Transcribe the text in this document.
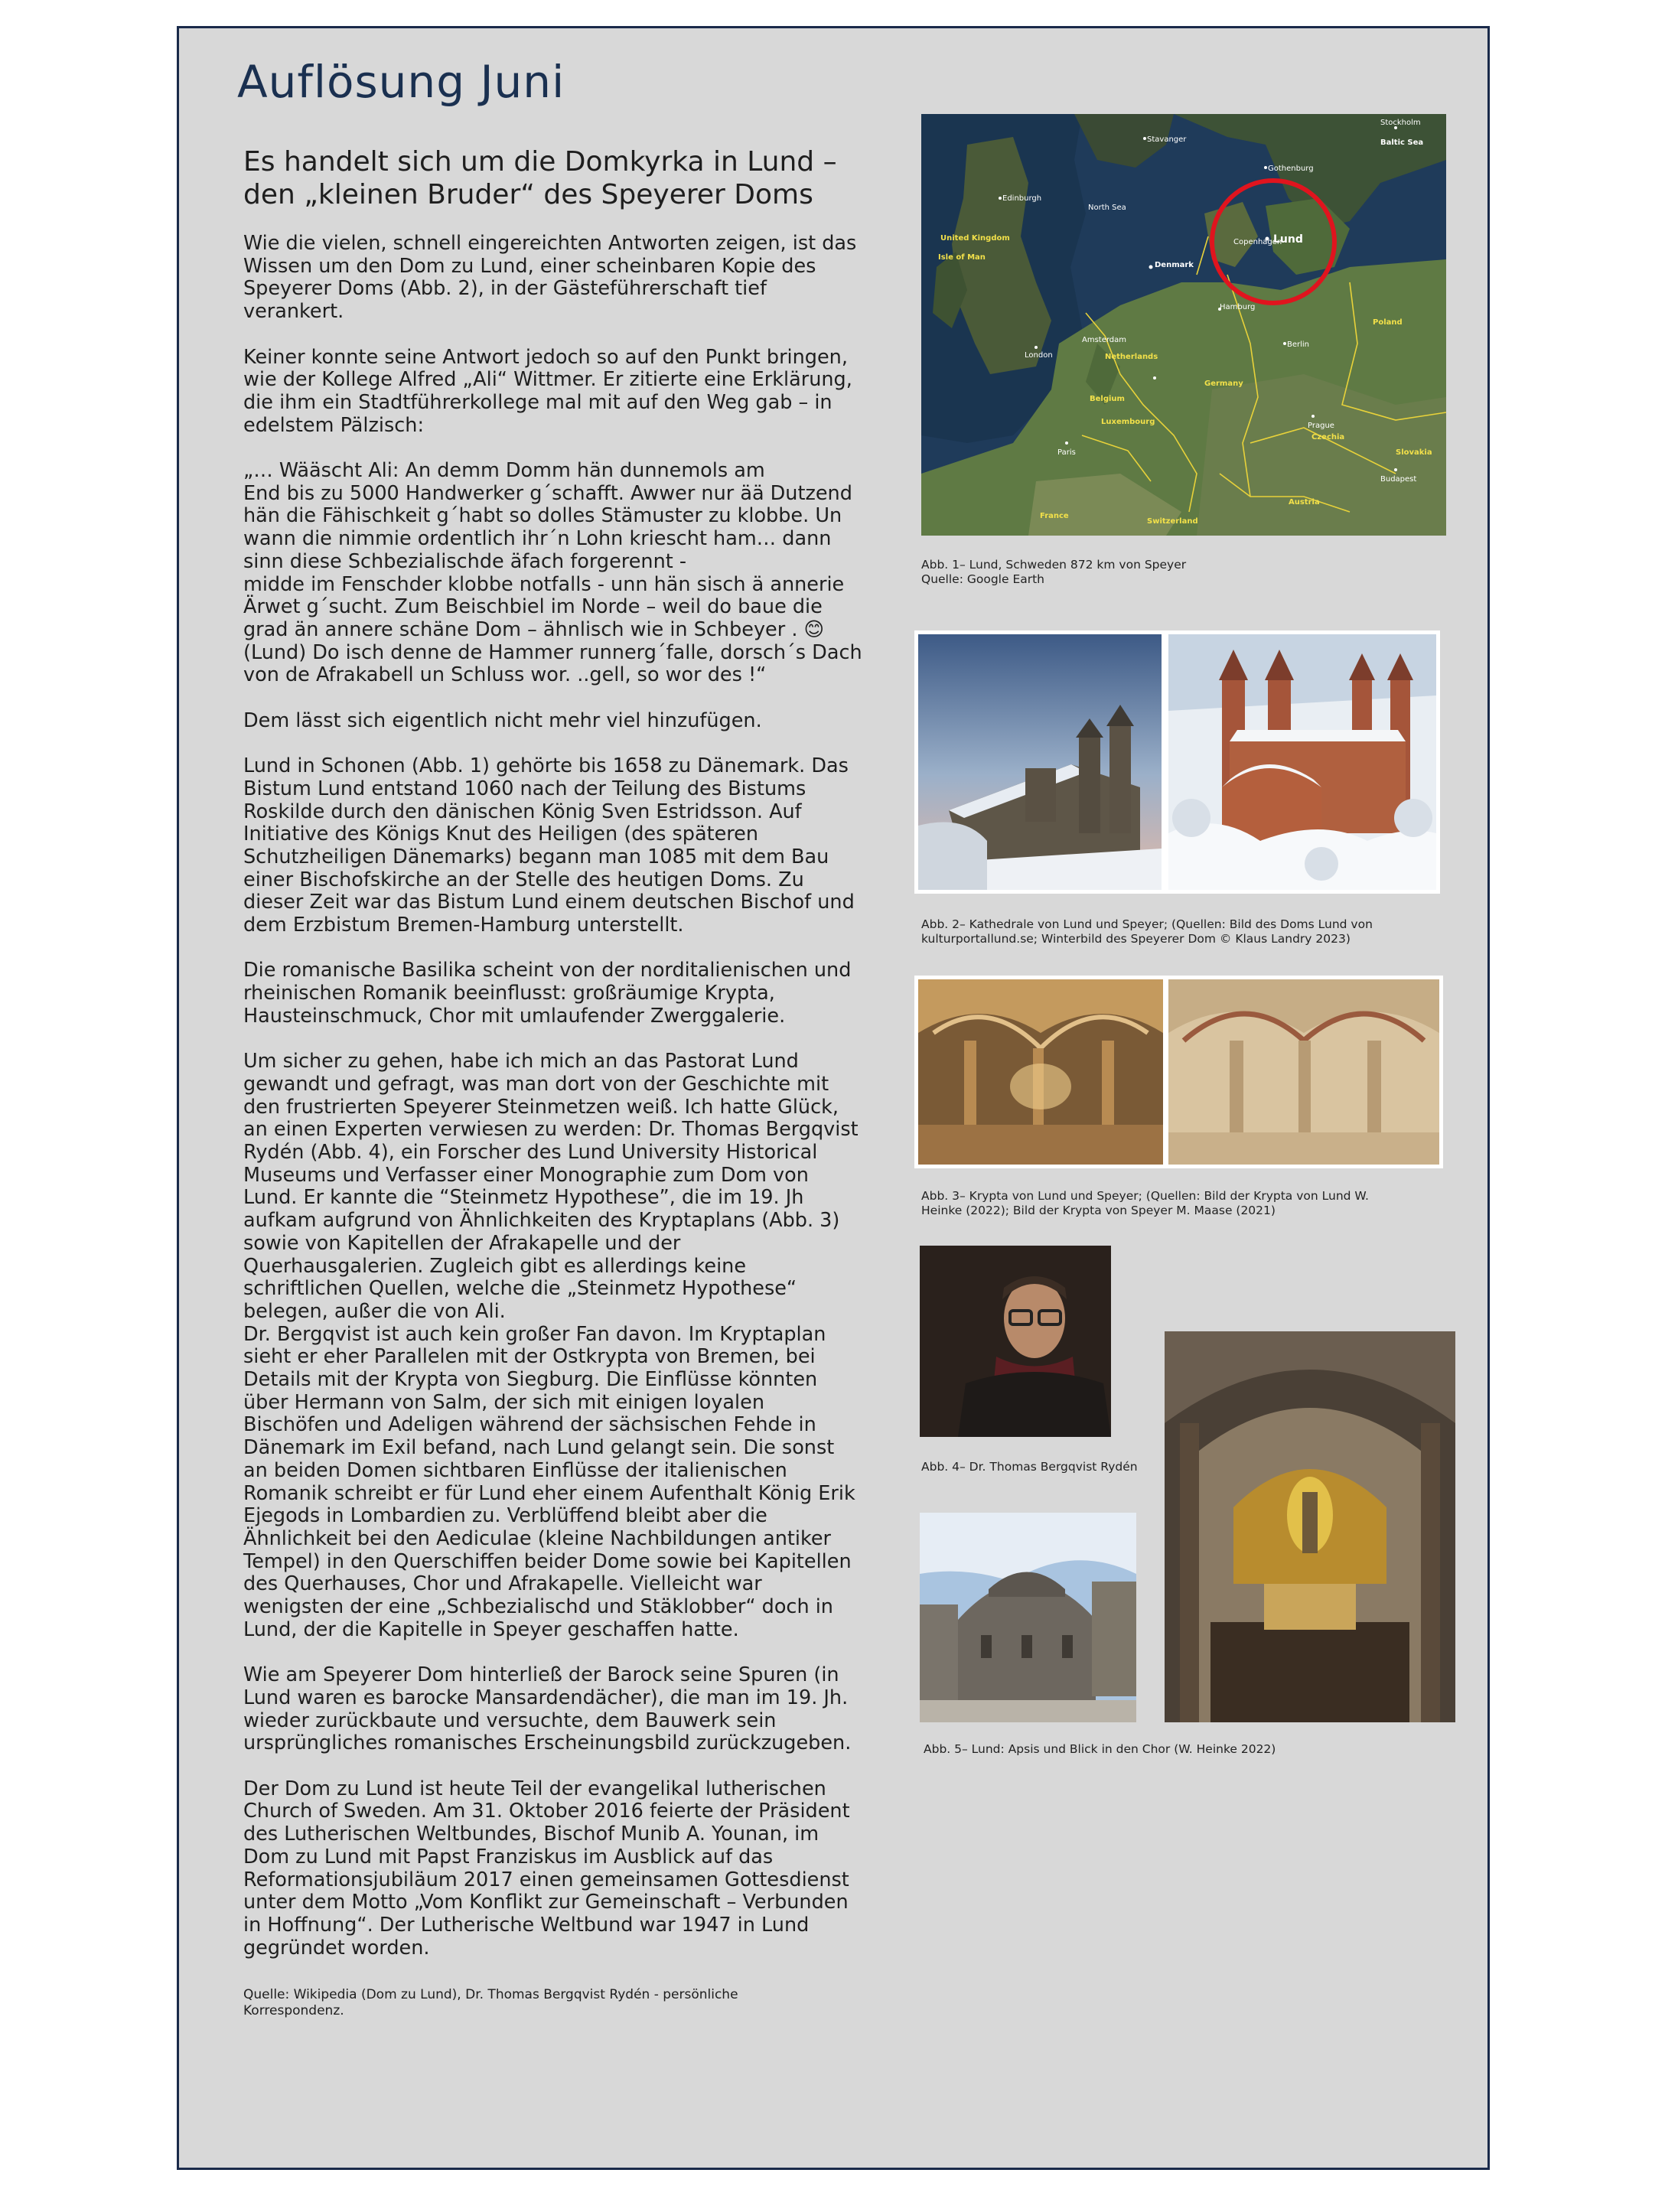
Auflösung Juni
Es handelt sich um die Domkyrka in Lund – den „kleinen Bruder“ des Speyerer Doms

Wie die vielen, schnell eingereichten Antworten zeigen, ist das Wissen um den Dom zu Lund, einer scheinbaren Kopie des Speyerer Doms (Abb. 2), in der Gästeführerschaft tief verankert.

Keiner konnte seine Antwort jedoch so auf den Punkt bringen, wie der Kollege Alfred „Ali“ Wittmer. Er zitierte eine Erklärung, die ihm ein Stadtführerkollege mal mit auf den Weg gab – in edelstem Pälzisch:

„… Wääscht Ali: An demm Domm hän dunnemols am
End bis zu 5000 Handwerker g´schafft. Awwer nur ää Dutzend hän die Fähischkeit g´habt so dolles Stämuster zu klobbe. Un wann die nimmie ordentlich ihr´n Lohn kriescht ham… dann sinn diese Schbezialischde äfach forgerennt -
midde im Fenschder klobbe notfalls - unn hän sisch ä annerie Ärwet g´sucht. Zum Beischbiel im Norde – weil do baue die grad än annere schäne Dom – ähnlisch wie in Schbeyer . 😊 (Lund) Do isch denne de Hammer runnerg´falle, dorsch´s Dach von de Afrakabell un Schluss wor. ..gell, so wor des !“

Dem lässt sich eigentlich nicht mehr viel hinzufügen.

Lund in Schonen (Abb. 1) gehörte bis 1658 zu Dänemark. Das Bistum Lund entstand 1060 nach der Teilung des Bistums Roskilde durch den dänischen König Sven Estridsson. Auf Initiative des Königs Knut des Heiligen (des späteren Schutzheiligen Dänemarks) begann man 1085 mit dem Bau einer Bischofskirche an der Stelle des heutigen Doms. Zu dieser Zeit war das Bistum Lund einem deutschen Bischof und dem Erzbistum Bremen-Hamburg unterstellt.

Die romanische Basilika scheint von der norditalienischen und rheinischen Romanik beeinflusst: großräumige Krypta, Hausteinschmuck, Chor mit umlaufender Zwerggalerie.

Um sicher zu gehen, habe ich mich an das Pastorat Lund gewandt und gefragt, was man dort von der Geschichte mit den frustrierten Speyerer Steinmetzen weiß. Ich hatte Glück, an einen Experten verwiesen zu werden: Dr. Thomas Bergqvist Rydén (Abb. 4), ein Forscher des Lund University Historical Museums und Verfasser einer Monographie zum Dom von Lund. Er kannte die “Steinmetz Hypothese”, die im 19. Jh aufkam aufgrund von Ähnlichkeiten des Kryptaplans (Abb. 3) sowie von Kapitellen der Afrakapelle und der Querhausgalerien. Zugleich gibt es allerdings keine schriftlichen Quellen, welche die „Steinmetz Hypothese“ belegen, außer die von Ali.

Dr. Bergqvist ist auch kein großer Fan davon. Im Kryptaplan sieht er eher Parallelen mit der Ostkrypta von Bremen, bei Details mit der Krypta von Siegburg. Die Einflüsse könnten über Hermann von Salm, der sich mit einigen loyalen Bischöfen und Adeligen während der sächsischen Fehde in Dänemark im Exil befand, nach Lund gelangt sein. Die sonst an beiden Domen sichtbaren Einflüsse der italienischen Romanik schreibt er für Lund eher einem Aufenthalt König Erik Ejegods in Lombardien zu. Verblüffend bleibt aber die Ähnlichkeit bei den Aediculae (kleine Nachbildungen antiker Tempel) in den Querschiffen beider Dome sowie bei Kapitellen des Querhauses, Chor und Afrakapelle. Vielleicht war wenigsten der eine „Schbezialischd und Stäklobber“ doch in Lund, der die Kapitelle in Speyer geschaffen hatte.

Wie am Speyerer Dom hinterließ der Barock seine Spuren (in Lund waren es barocke Mansardendächer), die man im 19. Jh. wieder zurückbaute und versuchte, dem Bauwerk sein ursprüngliches romanisches Erscheinungsbild zurückzugeben.

Der Dom zu Lund ist heute Teil der evangelikal lutherischen Church of Sweden. Am 31. Oktober 2016 feierte der Präsident des Lutherischen Weltbundes, Bischof Munib A. Younan, im Dom zu Lund mit Papst Franziskus im Ausblick auf das Reformationsjubiläum 2017 einen gemeinsamen Gottesdienst unter dem Motto „Vom Konflikt zur Gemeinschaft – Verbunden in Hoffnung“. Der Lutherische Weltbund war 1947 in Lund gegründet worden.

Quelle: Wikipedia (Dom zu Lund), Dr. Thomas Bergqvist Rydén - persönliche
Korrespondenz.

Lund
Copenhagen
North Sea
Denmark
Edinburgh
Stavanger
Gothenburg
Stockholm
Hamburg
Berlin
Amsterdam
London
Paris
Prague
Budapest
United Kingdom
Isle of Man
Germany
Poland
Netherlands
Belgium
Luxembourg
France
Switzerland
Austria
Czechia
Slovakia
Baltic Sea
Abb. 1– Lund, Schweden 872 km von Speyer
Quelle: Google Earth
Abb. 2– Kathedrale von Lund und Speyer; (Quellen: Bild des Doms Lund von
kulturportallund.se; Winterbild des Speyerer Dom © Klaus Landry 2023)
Abb. 3– Krypta von Lund und Speyer; (Quellen: Bild der Krypta von Lund W.
Heinke (2022); Bild der Krypta von Speyer M. Maase (2021)
Abb. 4– Dr. Thomas Bergqvist Rydén
Abb. 5– Lund: Apsis und Blick in den Chor (W. Heinke 2022)
